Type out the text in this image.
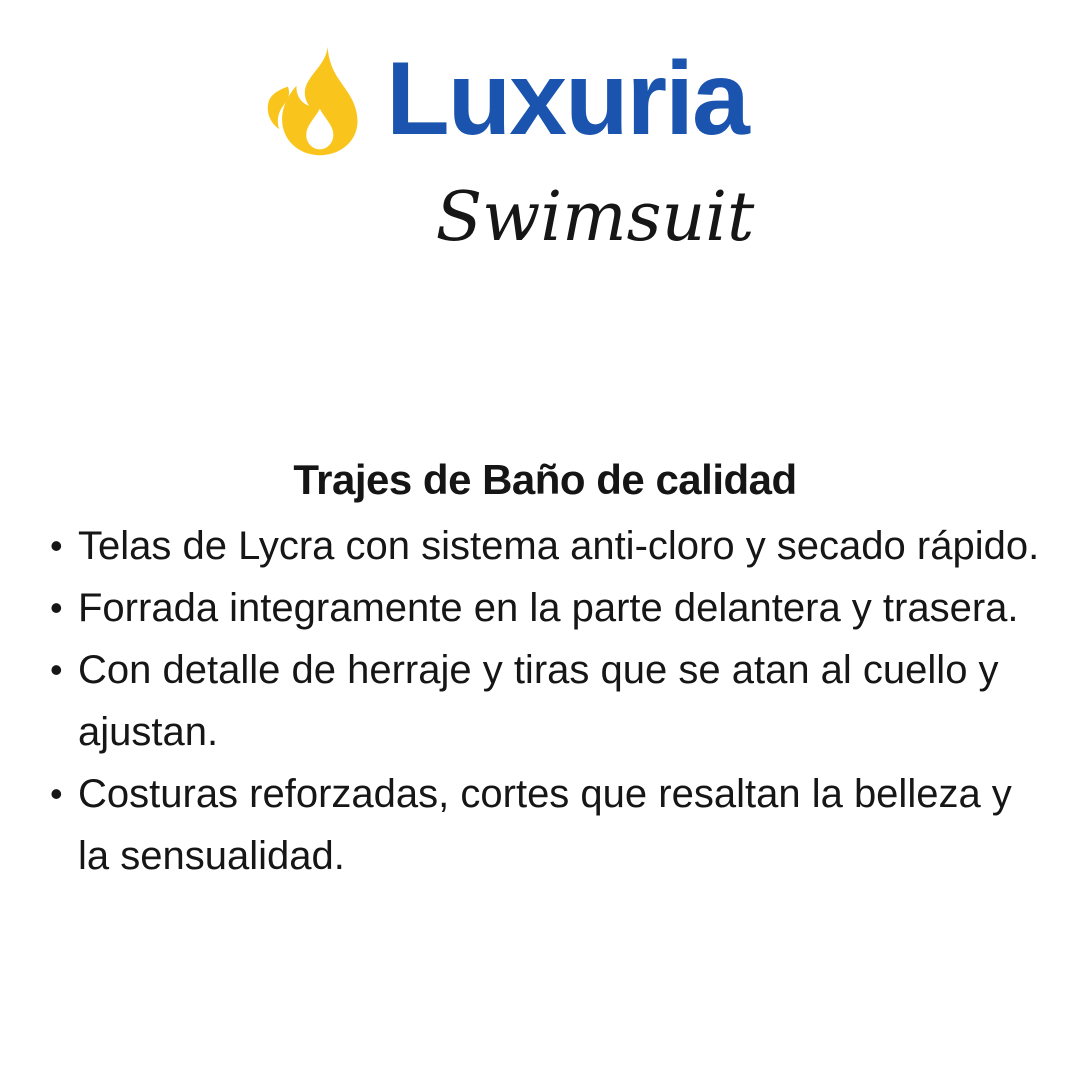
Luxuria
Swimsuit
Trajes de Baño de calidad
• Telas de Lycra con sistema anti-cloro y secado rápido.
• Forrada integramente en la parte delantera y trasera.
• Con detalle de herraje y tiras que se atan al cuello y ajustan.
• Costuras reforzadas, cortes que resaltan la belleza y la sensualidad.
